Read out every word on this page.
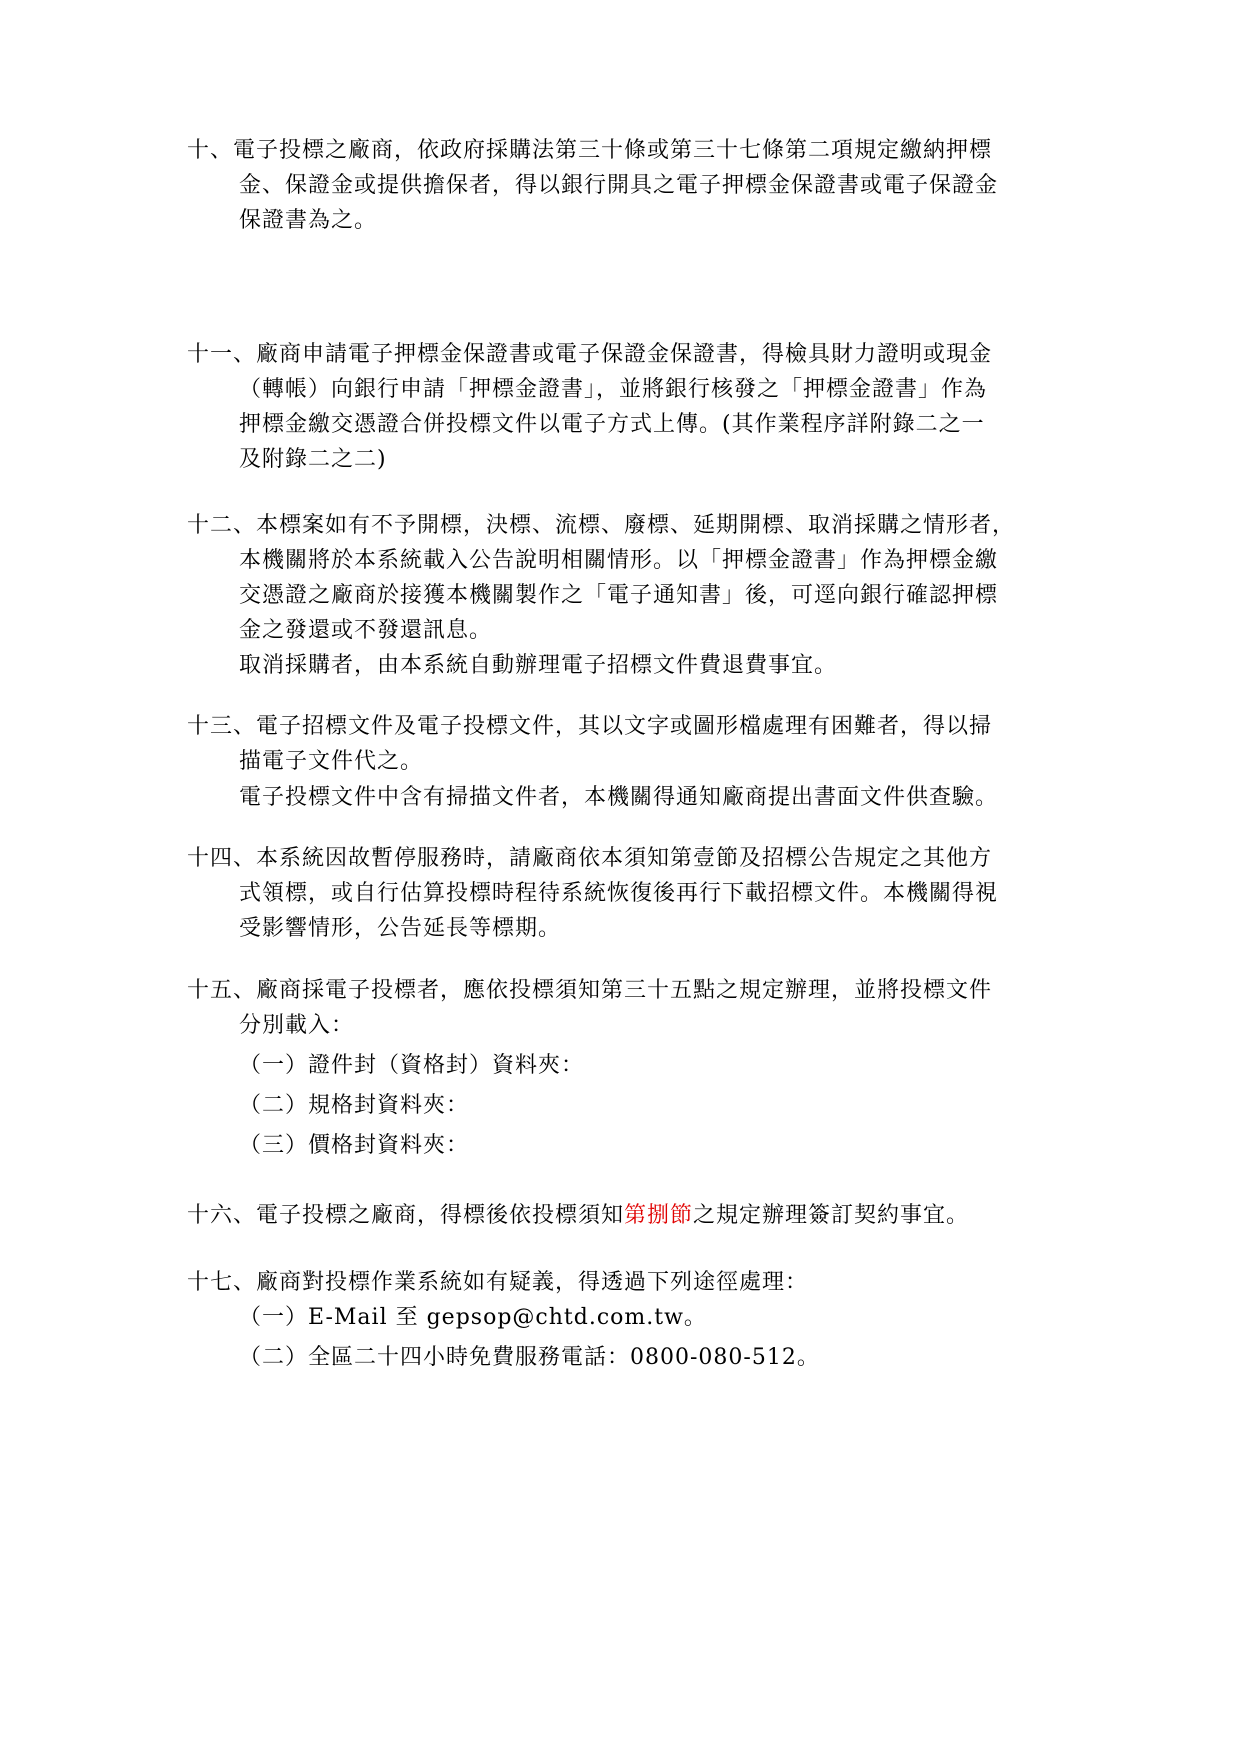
十、電子投標之廠商，依政府採購法第三十條或第三十七條第二項規定繳納押標
金、保證金或提供擔保者，得以銀行開具之電子押標金保證書或電子保證金
保證書為之。
十一、廠商申請電子押標金保證書或電子保證金保證書，得檢具財力證明或現金
（轉帳）向銀行申請「押標金證書」，並將銀行核發之「押標金證書」作為
押標金繳交憑證合併投標文件以電子方式上傳。(其作業程序詳附錄二之一
及附錄二之二)
十二、本標案如有不予開標，決標、流標、廢標、延期開標、取消採購之情形者，
本機關將於本系統載入公告說明相關情形。以「押標金證書」作為押標金繳
交憑證之廠商於接獲本機關製作之「電子通知書」後，可逕向銀行確認押標
金之發還或不發還訊息。
取消採購者，由本系統自動辦理電子招標文件費退費事宜。
十三、電子招標文件及電子投標文件，其以文字或圖形檔處理有困難者，得以掃
描電子文件代之。
電子投標文件中含有掃描文件者，本機關得通知廠商提出書面文件供查驗。
十四、本系統因故暫停服務時，請廠商依本須知第壹節及招標公告規定之其他方
式領標，或自行估算投標時程待系統恢復後再行下載招標文件。本機關得視
受影響情形，公告延長等標期。
十五、廠商採電子投標者，應依投標須知第三十五點之規定辦理，並將投標文件
分別載入：
（一）證件封（資格封）資料夾：
（二）規格封資料夾：
（三）價格封資料夾：
十六、電子投標之廠商，得標後依投標須知第捌節之規定辦理簽訂契約事宜。
十七、廠商對投標作業系統如有疑義，得透過下列途徑處理：
（一）E-Mail 至 gepsop@chtd.com.tw。
（二）全區二十四小時免費服務電話：0800-080-512。
